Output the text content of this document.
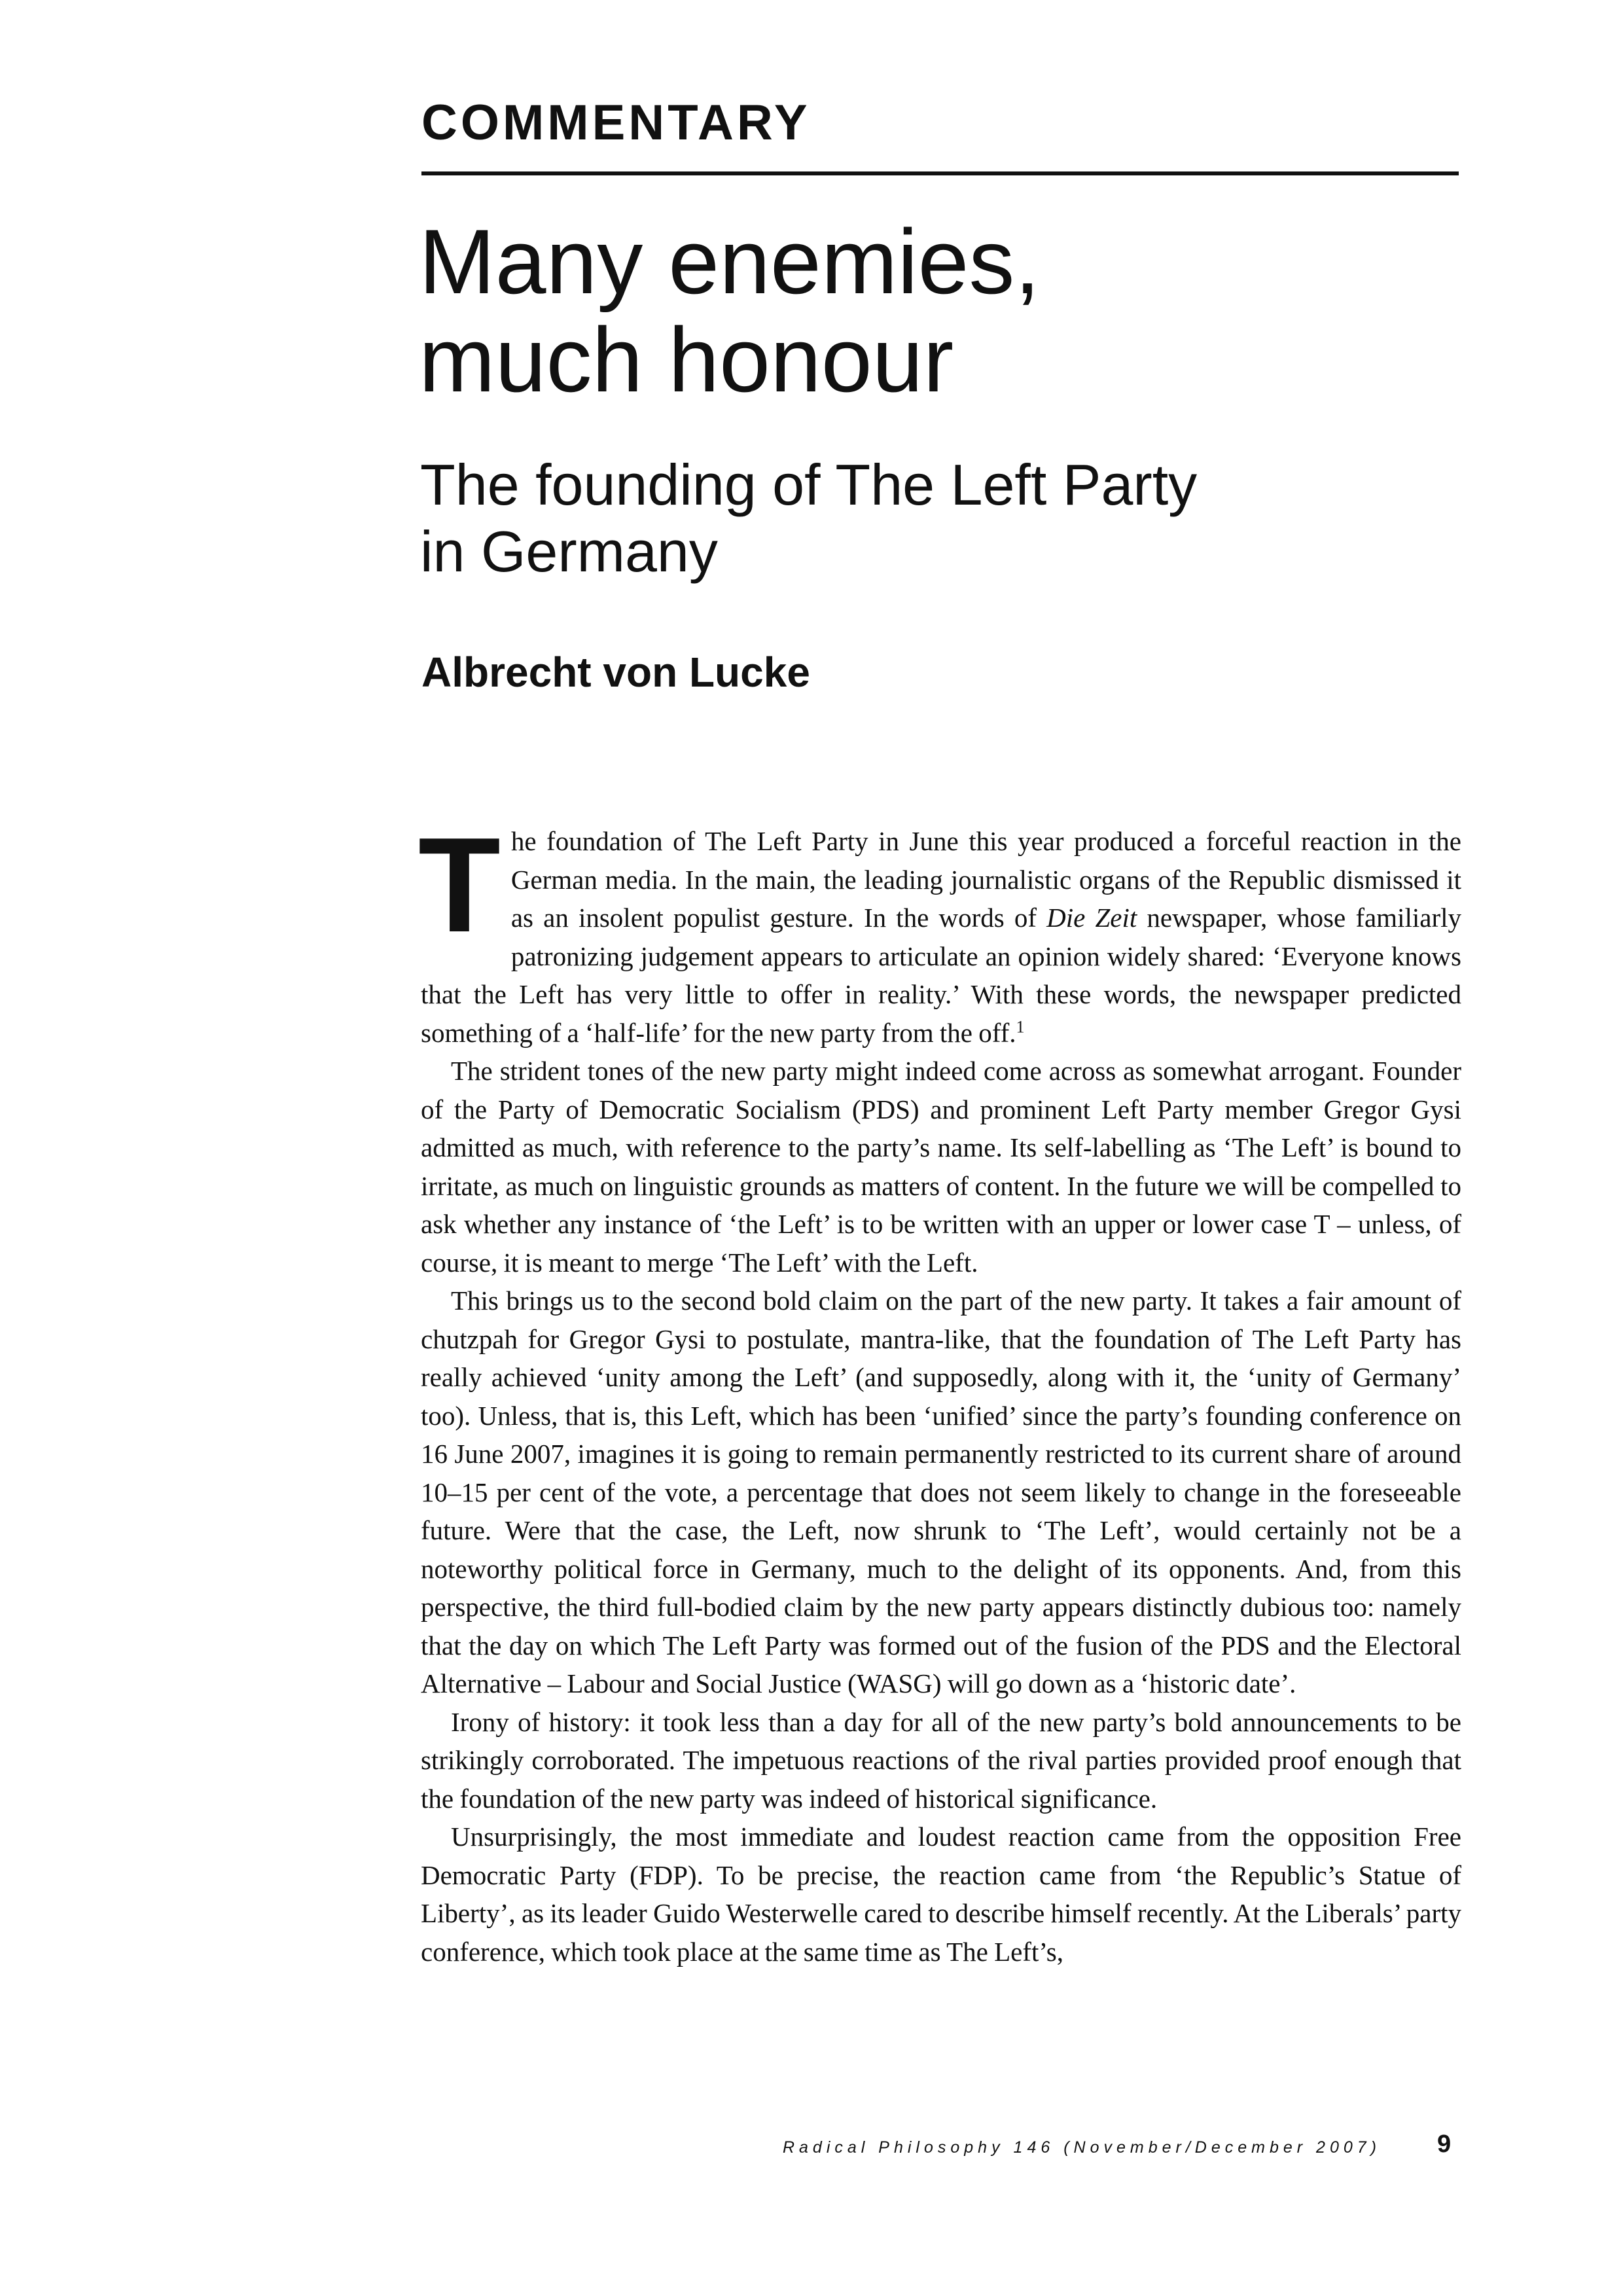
COMMENTARY
Many enemies,
much honour
The founding of The Left Party
in Germany
Albrecht von Lucke

The foundation of The Left Party in June this year produced a forceful reaction in the German media. In the main, the leading journalistic organs of the Republic dismissed it as an insolent populist gesture. In the words of Die Zeit newspaper, whose familiarly patronizing judgement appears to articulate an opinion widely shared: ‘Everyone knows that the Left has very little to offer in reality.’ With these words, the newspaper predicted something of a ‘half-life’ for the new party from the off.$^1$

The strident tones of the new party might indeed come across as somewhat arrogant. Founder of the Party of Democratic Socialism (PDS) and prominent Left Party member Gregor Gysi admitted as much, with reference to the party’s name. Its self-labelling as ‘The Left’ is bound to irritate, as much on linguistic grounds as matters of content. In the future we will be compelled to ask whether any instance of ‘the Left’ is to be written with an upper or lower case T – unless, of course, it is meant to merge ‘The Left’ with the Left.

This brings us to the second bold claim on the part of the new party. It takes a fair amount of chutzpah for Gregor Gysi to postulate, mantra-like, that the foundation of The Left Party has really achieved ‘unity among the Left’ (and supposedly, along with it, the ‘unity of Germany’ too). Unless, that is, this Left, which has been ‘unified’ since the party’s founding conference on 16 June 2007, imagines it is going to remain permanently restricted to its current share of around 10–15 per cent of the vote, a percentage that does not seem likely to change in the foreseeable future. Were that the case, the Left, now shrunk to ‘The Left’, would certainly not be a noteworthy political force in Germany, much to the delight of its opponents. And, from this perspective, the third full-bodied claim by the new party appears distinctly dubious too: namely that the day on which The Left Party was formed out of the fusion of the PDS and the Electoral Alternative – Labour and Social Justice (WASG) will go down as a ‘historic date’.

Irony of history: it took less than a day for all of the new party’s bold announcements to be strikingly corroborated. The impetuous reactions of the rival parties provided proof enough that the foundation of the new party was indeed of historical significance.

Unsurprisingly, the most immediate and loudest reaction came from the opposition Free Democratic Party (FDP). To be precise, the reaction came from ‘the Republic’s Statue of Liberty’, as its leader Guido Westerwelle cared to describe himself recently. At the Liberals’ party conference, which took place at the same time as The Left’s,

Radical Philosophy 146 (November/December 2007) 9
